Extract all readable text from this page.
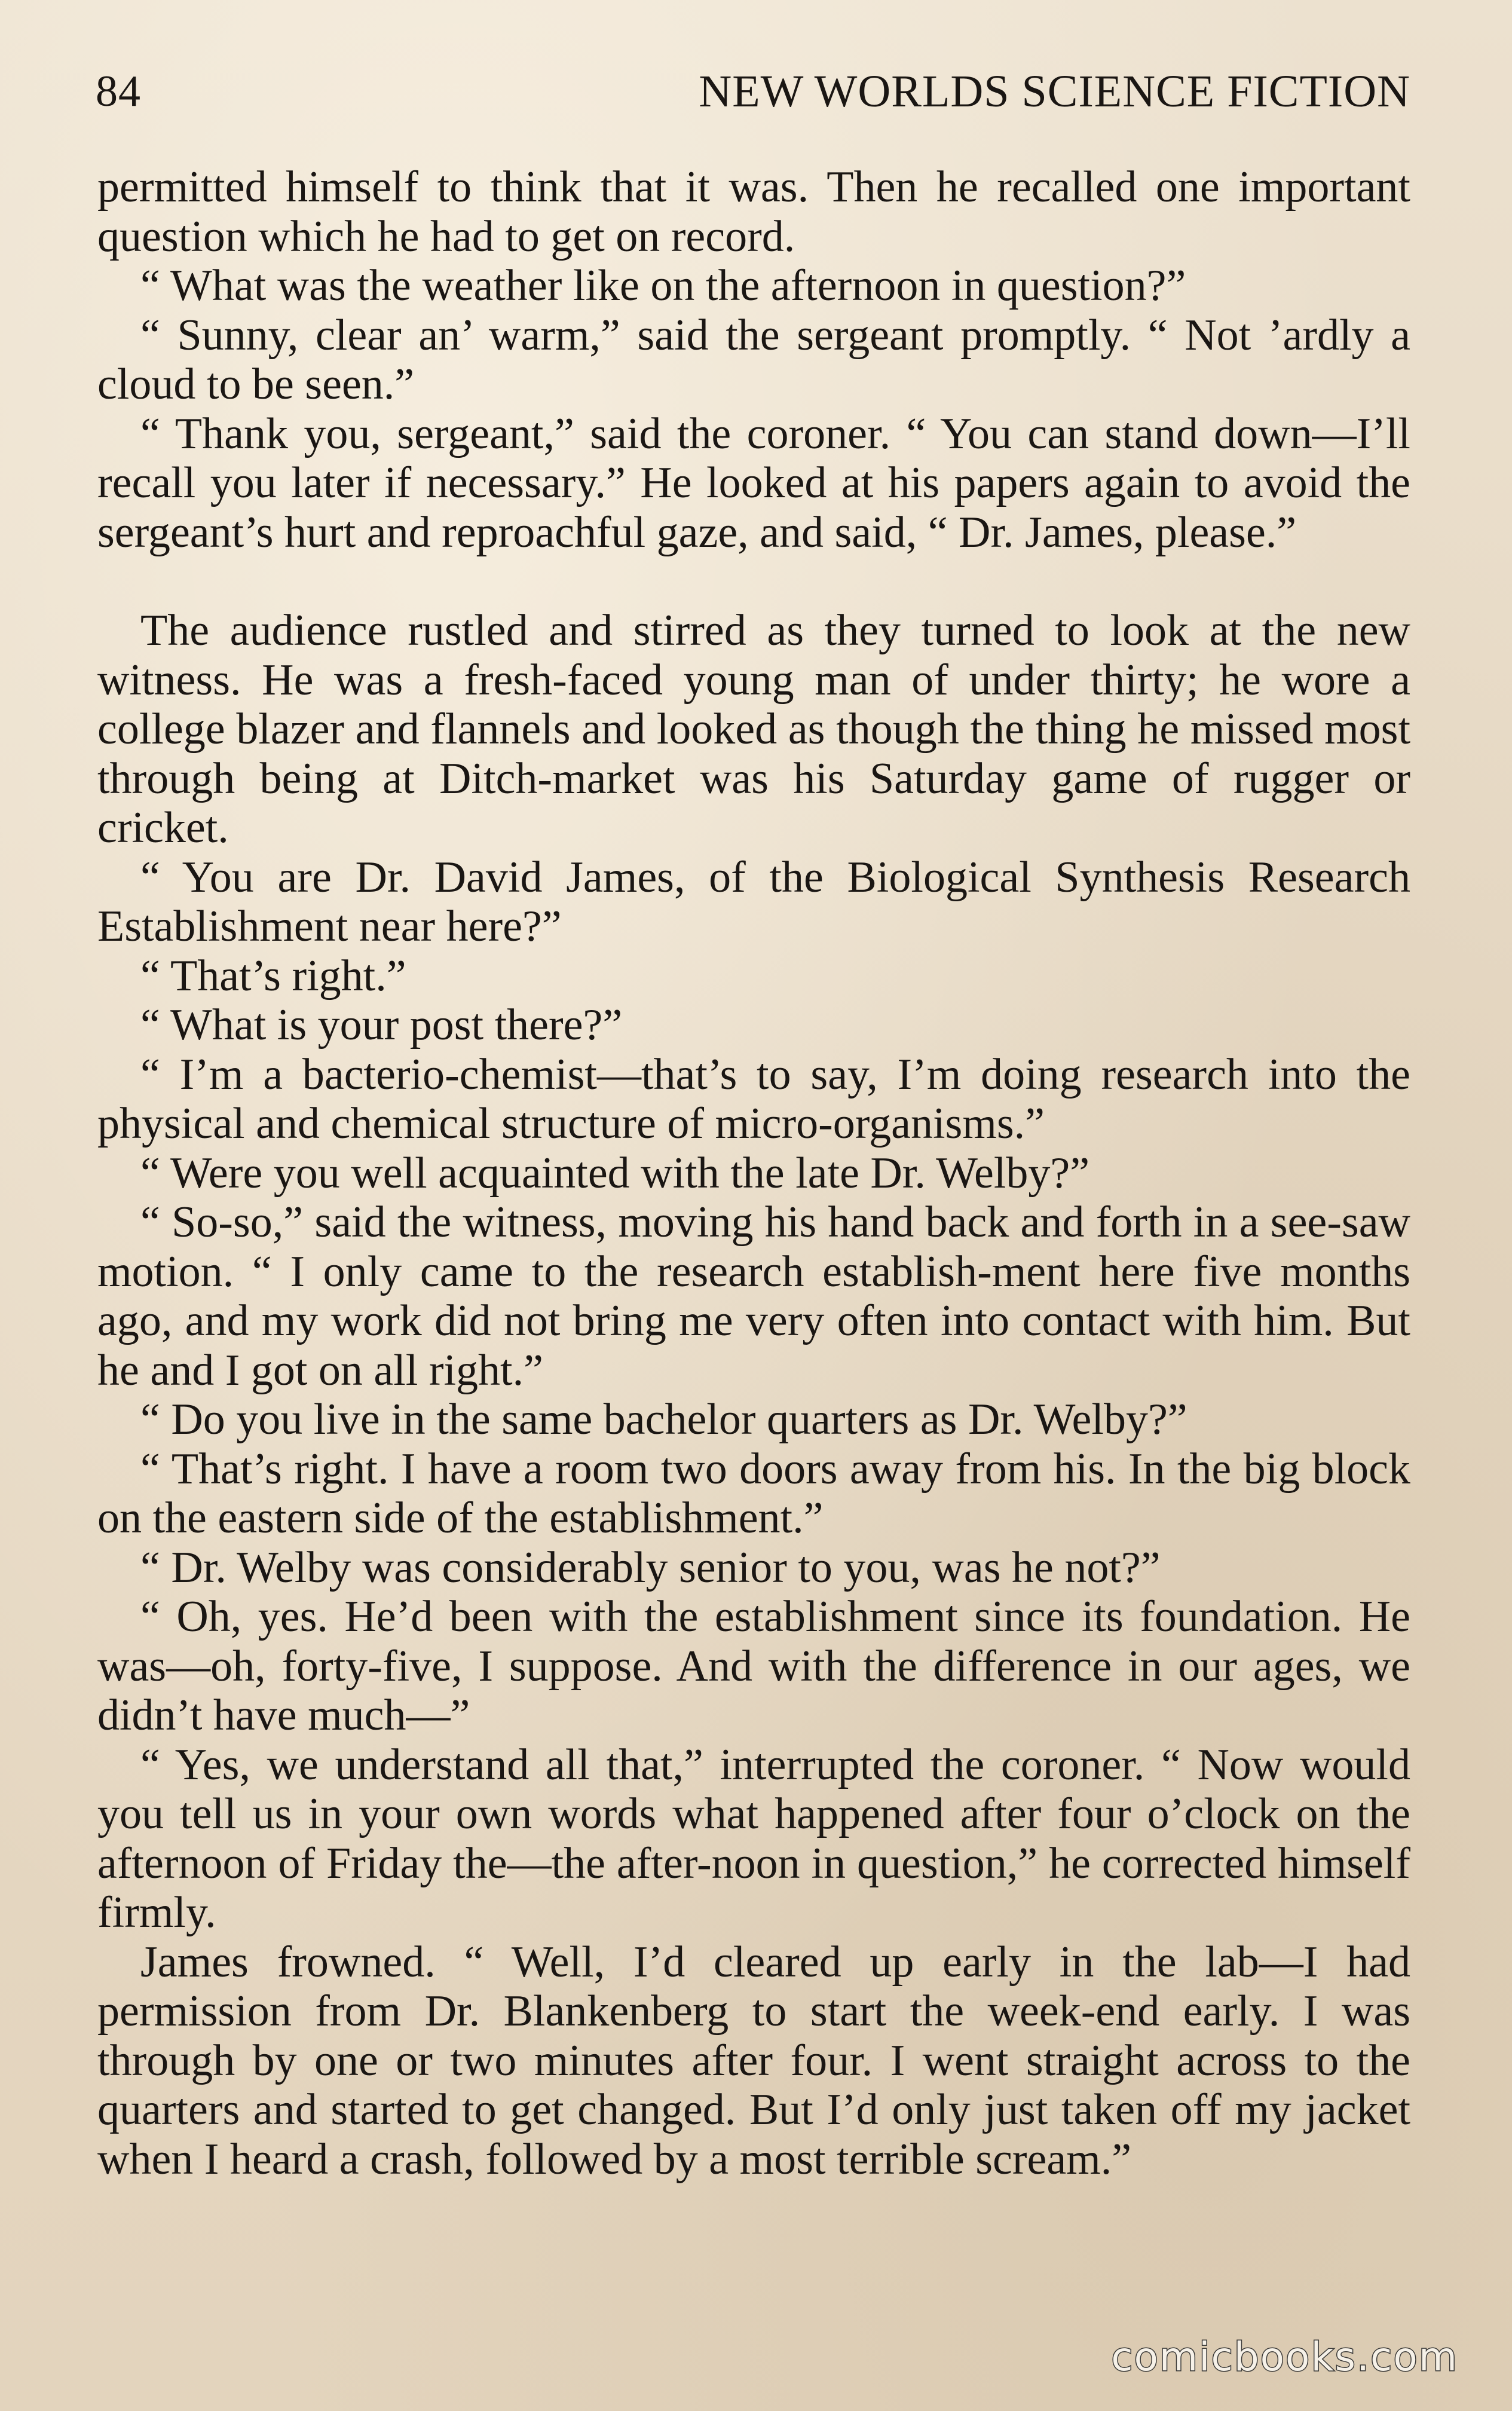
84	NEW WORLDS SCIENCE FICTION

permitted himself to think that it was. Then he recalled one important question which he had to get on record.

“ What was the weather like on the afternoon in question?”

“ Sunny, clear an’ warm,” said the sergeant promptly. “ Not ’ardly a cloud to be seen.”

“ Thank you, sergeant,” said the coroner. “ You can stand down—I’ll recall you later if necessary.” He looked at his papers again to avoid the sergeant’s hurt and reproachful gaze, and said, “ Dr. James, please.”

The audience rustled and stirred as they turned to look at the new witness. He was a fresh-faced young man of under thirty; he wore a college blazer and flannels and looked as though the thing he missed most through being at Ditch-market was his Saturday game of rugger or cricket.

“ You are Dr. David James, of the Biological Synthesis Research Establishment near here?”

“ That’s right.”

“ What is your post there?”

“ I’m a bacterio-chemist—that’s to say, I’m doing research into the physical and chemical structure of micro-organisms.”

“ Were you well acquainted with the late Dr. Welby?”

“ So-so,” said the witness, moving his hand back and forth in a see-saw motion. “ I only came to the research establish-ment here five months ago, and my work did not bring me very often into contact with him. But he and I got on all right.”

“ Do you live in the same bachelor quarters as Dr. Welby?”

“ That’s right. I have a room two doors away from his. In the big block on the eastern side of the establishment.”

“ Dr. Welby was considerably senior to you, was he not?”

“ Oh, yes. He’d been with the establishment since its foundation. He was—oh, forty-five, I suppose. And with the difference in our ages, we didn’t have much—”

“ Yes, we understand all that,” interrupted the coroner. “ Now would you tell us in your own words what happened after four o’clock on the afternoon of Friday the—the after-noon in question,” he corrected himself firmly.

James frowned. “ Well, I’d cleared up early in the lab—I had permission from Dr. Blankenberg to start the week-end early. I was through by one or two minutes after four. I went straight across to the quarters and started to get changed. But I’d only just taken off my jacket when I heard a crash, followed by a most terrible scream.”

comicbooks.com
